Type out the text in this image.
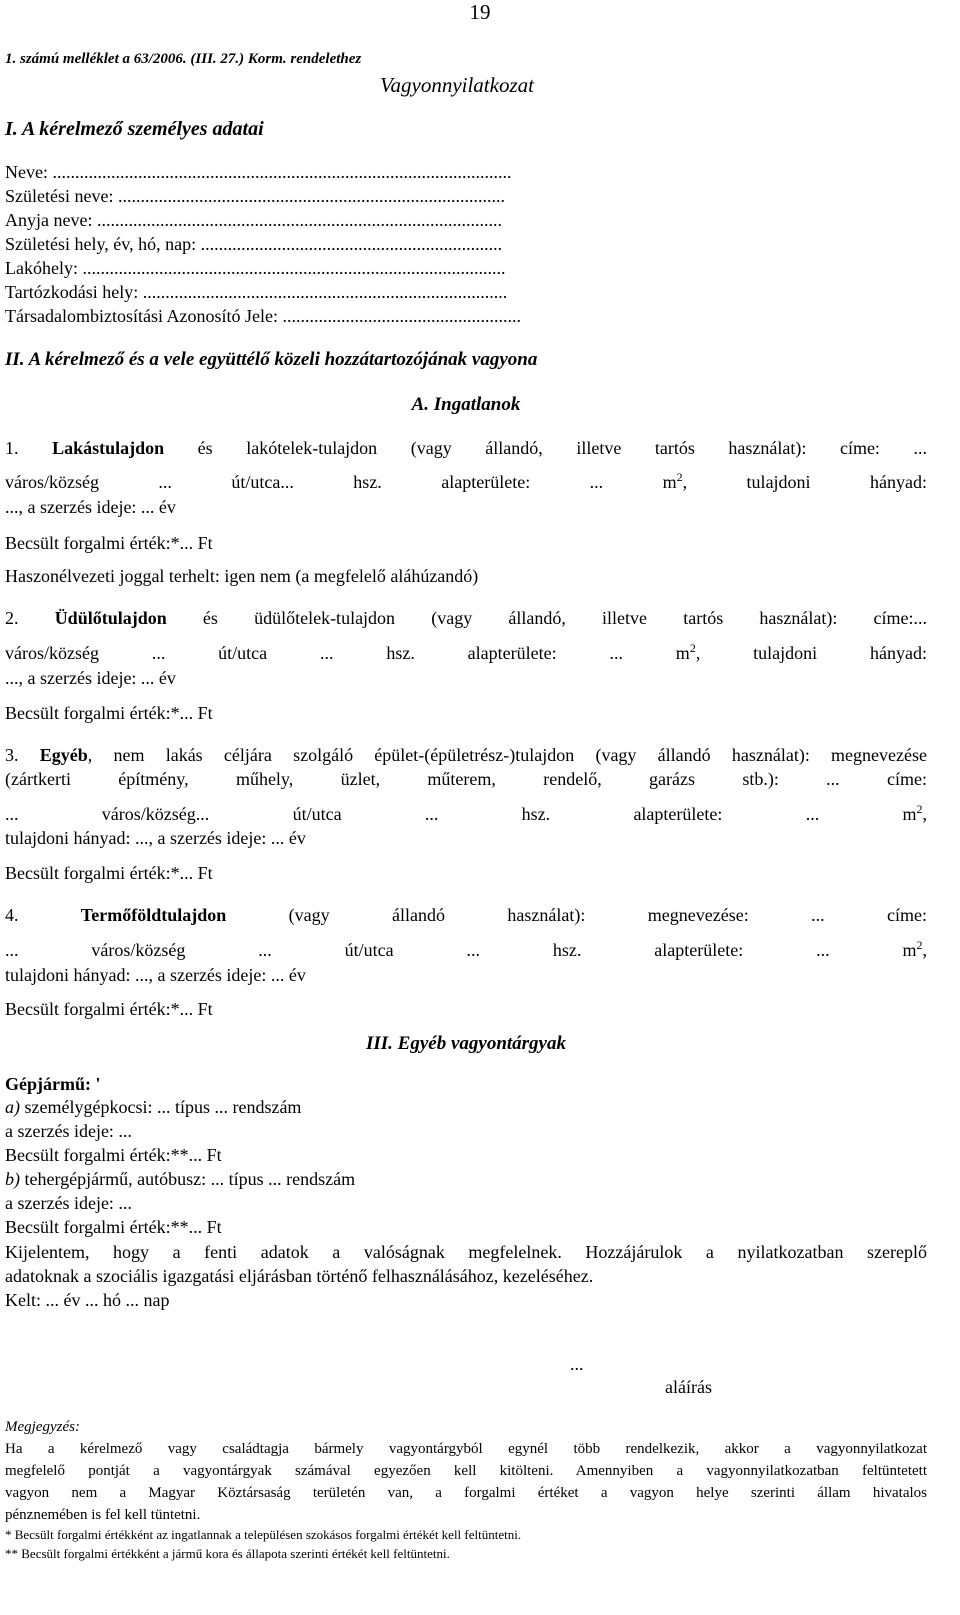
19
1. számú melléklet a 63/2006. (III. 27.) Korm. rendelethez
Vagyonnyilatkozat
I. A kérelmező személyes adatai
Neve: ......................................................................................................
Születési neve: ......................................................................................
Anyja neve: ..........................................................................................
Születési hely, év, hó, nap: ...................................................................
Lakóhely: ..............................................................................................
Tartózkodási hely: .................................................................................
Társadalombiztosítási Azonosító Jele: .....................................................
II. A kérelmező és a vele együttélő közeli hozzátartozójának vagyona
A. Ingatlanok
1. Lakástulajdon és lakótelek-tulajdon (vagy állandó, illetve tartós használat): címe: ...
város/község ... út/utca... hsz. alapterülete: ... $m^2$, tulajdoni hányad:
..., a szerzés ideje: ... év
Becsült forgalmi érték:*... Ft
Haszonélvezeti joggal terhelt: igen nem (a megfelelő aláhúzandó)
2. Üdülőtulajdon és üdülőtelek-tulajdon (vagy állandó, illetve tartós használat): címe:...
város/község ... út/utca ... hsz. alapterülete: ... $m^2$, tulajdoni hányad:
..., a szerzés ideje: ... év
Becsült forgalmi érték:*... Ft
3. Egyéb, nem lakás céljára szolgáló épület-(épületrész-)tulajdon (vagy állandó használat): megnevezése
(zártkerti építmény, műhely, üzlet, műterem, rendelő, garázs stb.): ... címe:
... város/község... út/utca ... hsz. alapterülete: ... $m^2$,
tulajdoni hányad: ..., a szerzés ideje: ... év
Becsült forgalmi érték:*... Ft
4.	Termőföldtulajdon (vagy állandó használat): megnevezése: ... címe:
... város/község ... út/utca ... hsz. alapterülete: ... $m^2$,
tulajdoni hányad: ..., a szerzés ideje: ... év
Becsült forgalmi érték:*... Ft
III. Egyéb vagyontárgyak
Gépjármű: '
a) személygépkocsi: ... típus ... rendszám
a szerzés ideje: ...
Becsült forgalmi érték:**... Ft
b) tehergépjármű, autóbusz: ... típus ... rendszám
a szerzés ideje: ...
Becsült forgalmi érték:**... Ft
Kijelentem, hogy a fenti adatok a valóságnak megfelelnek. Hozzájárulok a nyilatkozatban szereplő
adatoknak a szociális igazgatási eljárásban történő felhasználásához, kezeléséhez.
Kelt: ... év ... hó ... nap
...
aláírás
Megjegyzés:
Ha a kérelmező vagy családtagja bármely vagyontárgyból egynél több rendelkezik, akkor a vagyonnyilatkozat
megfelelő pontját a vagyontárgyak számával egyezően kell kitölteni. Amennyiben a vagyonnyilatkozatban feltüntetett
vagyon nem a Magyar Köztársaság területén van, a forgalmi értéket a vagyon helye szerinti állam hivatalos
pénznemében is fel kell tüntetni.
* Becsült forgalmi értékként az ingatlannak a településen szokásos forgalmi értékét kell feltüntetni.
** Becsült forgalmi értékként a jármű kora és állapota szerinti értékét kell feltüntetni.
